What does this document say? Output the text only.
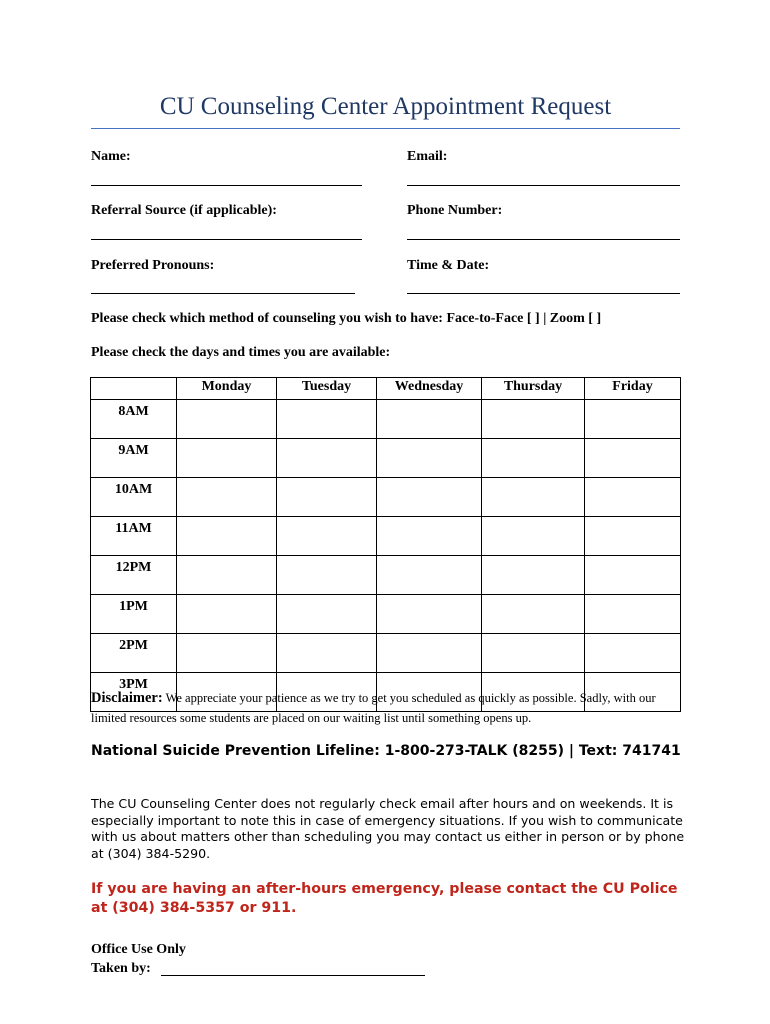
CU Counseling Center Appointment Request
Name:	Email:
Referral Source (if applicable):	Phone Number:
Preferred Pronouns:	Time & Date:
Please check which method of counseling you wish to have: Face-to-Face [ ] | Zoom [ ]
Please check the days and times you are available:
	Monday	Tuesday	Wednesday	Thursday	Friday
8AM					
9AM					
10AM					
11AM					
12PM					
1PM					
2PM					
3PM					
Disclaimer: We appreciate your patience as we try to get you scheduled as quickly as possible. Sadly, with our limited resources some students are placed on our waiting list until something opens up.
National Suicide Prevention Lifeline: 1-800-273-TALK (8255) | Text: 741741
The CU Counseling Center does not regularly check email after hours and on weekends. It is especially important to note this in case of emergency situations. If you wish to communicate with us about matters other than scheduling you may contact us either in person or by phone at (304) 384-5290.
If you are having an after-hours emergency, please contact the CU Police at (304) 384-5357 or 911.
Office Use Only
Taken by:
